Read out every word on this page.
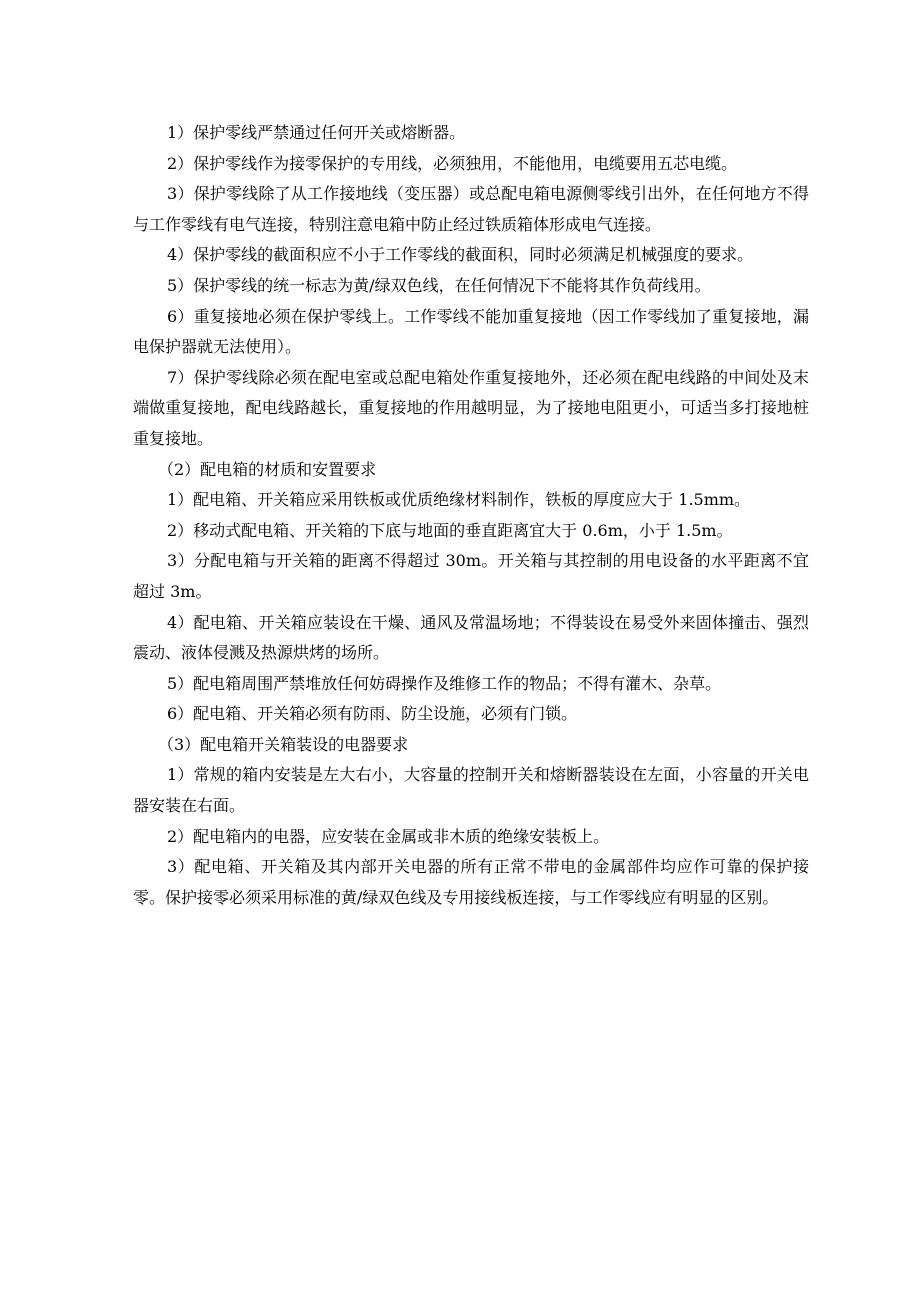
1）保护零线严禁通过任何开关或熔断器。

2）保护零线作为接零保护的专用线，必须独用，不能他用，电缆要用五芯电缆。

3）保护零线除了从工作接地线（变压器）或总配电箱电源侧零线引出外，在任何地方不得与工作零线有电气连接，特别注意电箱中防止经过铁质箱体形成电气连接。

4）保护零线的截面积应不小于工作零线的截面积，同时必须满足机械强度的要求。

5）保护零线的统一标志为黄/绿双色线，在任何情况下不能将其作负荷线用。

6）重复接地必须在保护零线上。工作零线不能加重复接地（因工作零线加了重复接地，漏电保护器就无法使用）。

7）保护零线除必须在配电室或总配电箱处作重复接地外，还必须在配电线路的中间处及末端做重复接地，配电线路越长，重复接地的作用越明显，为了接地电阻更小，可适当多打接地桩重复接地。

（2）配电箱的材质和安置要求

1）配电箱、开关箱应采用铁板或优质绝缘材料制作，铁板的厚度应大于 1.5mm。

2）移动式配电箱、开关箱的下底与地面的垂直距离宜大于 0.6m，小于 1.5m。

3）分配电箱与开关箱的距离不得超过 30m。开关箱与其控制的用电设备的水平距离不宜超过 3m。

4）配电箱、开关箱应装设在干燥、通风及常温场地；不得装设在易受外来固体撞击、强烈震动、液体侵溅及热源烘烤的场所。

5）配电箱周围严禁堆放任何妨碍操作及维修工作的物品；不得有灌木、杂草。

6）配电箱、开关箱必须有防雨、防尘设施，必须有门锁。

（3）配电箱开关箱装设的电器要求

1）常规的箱内安装是左大右小，大容量的控制开关和熔断器装设在左面，小容量的开关电器安装在右面。

2）配电箱内的电器，应安装在金属或非木质的绝缘安装板上。

3）配电箱、开关箱及其内部开关电器的所有正常不带电的金属部件均应作可靠的保护接零。保护接零必须采用标准的黄/绿双色线及专用接线板连接，与工作零线应有明显的区别。
